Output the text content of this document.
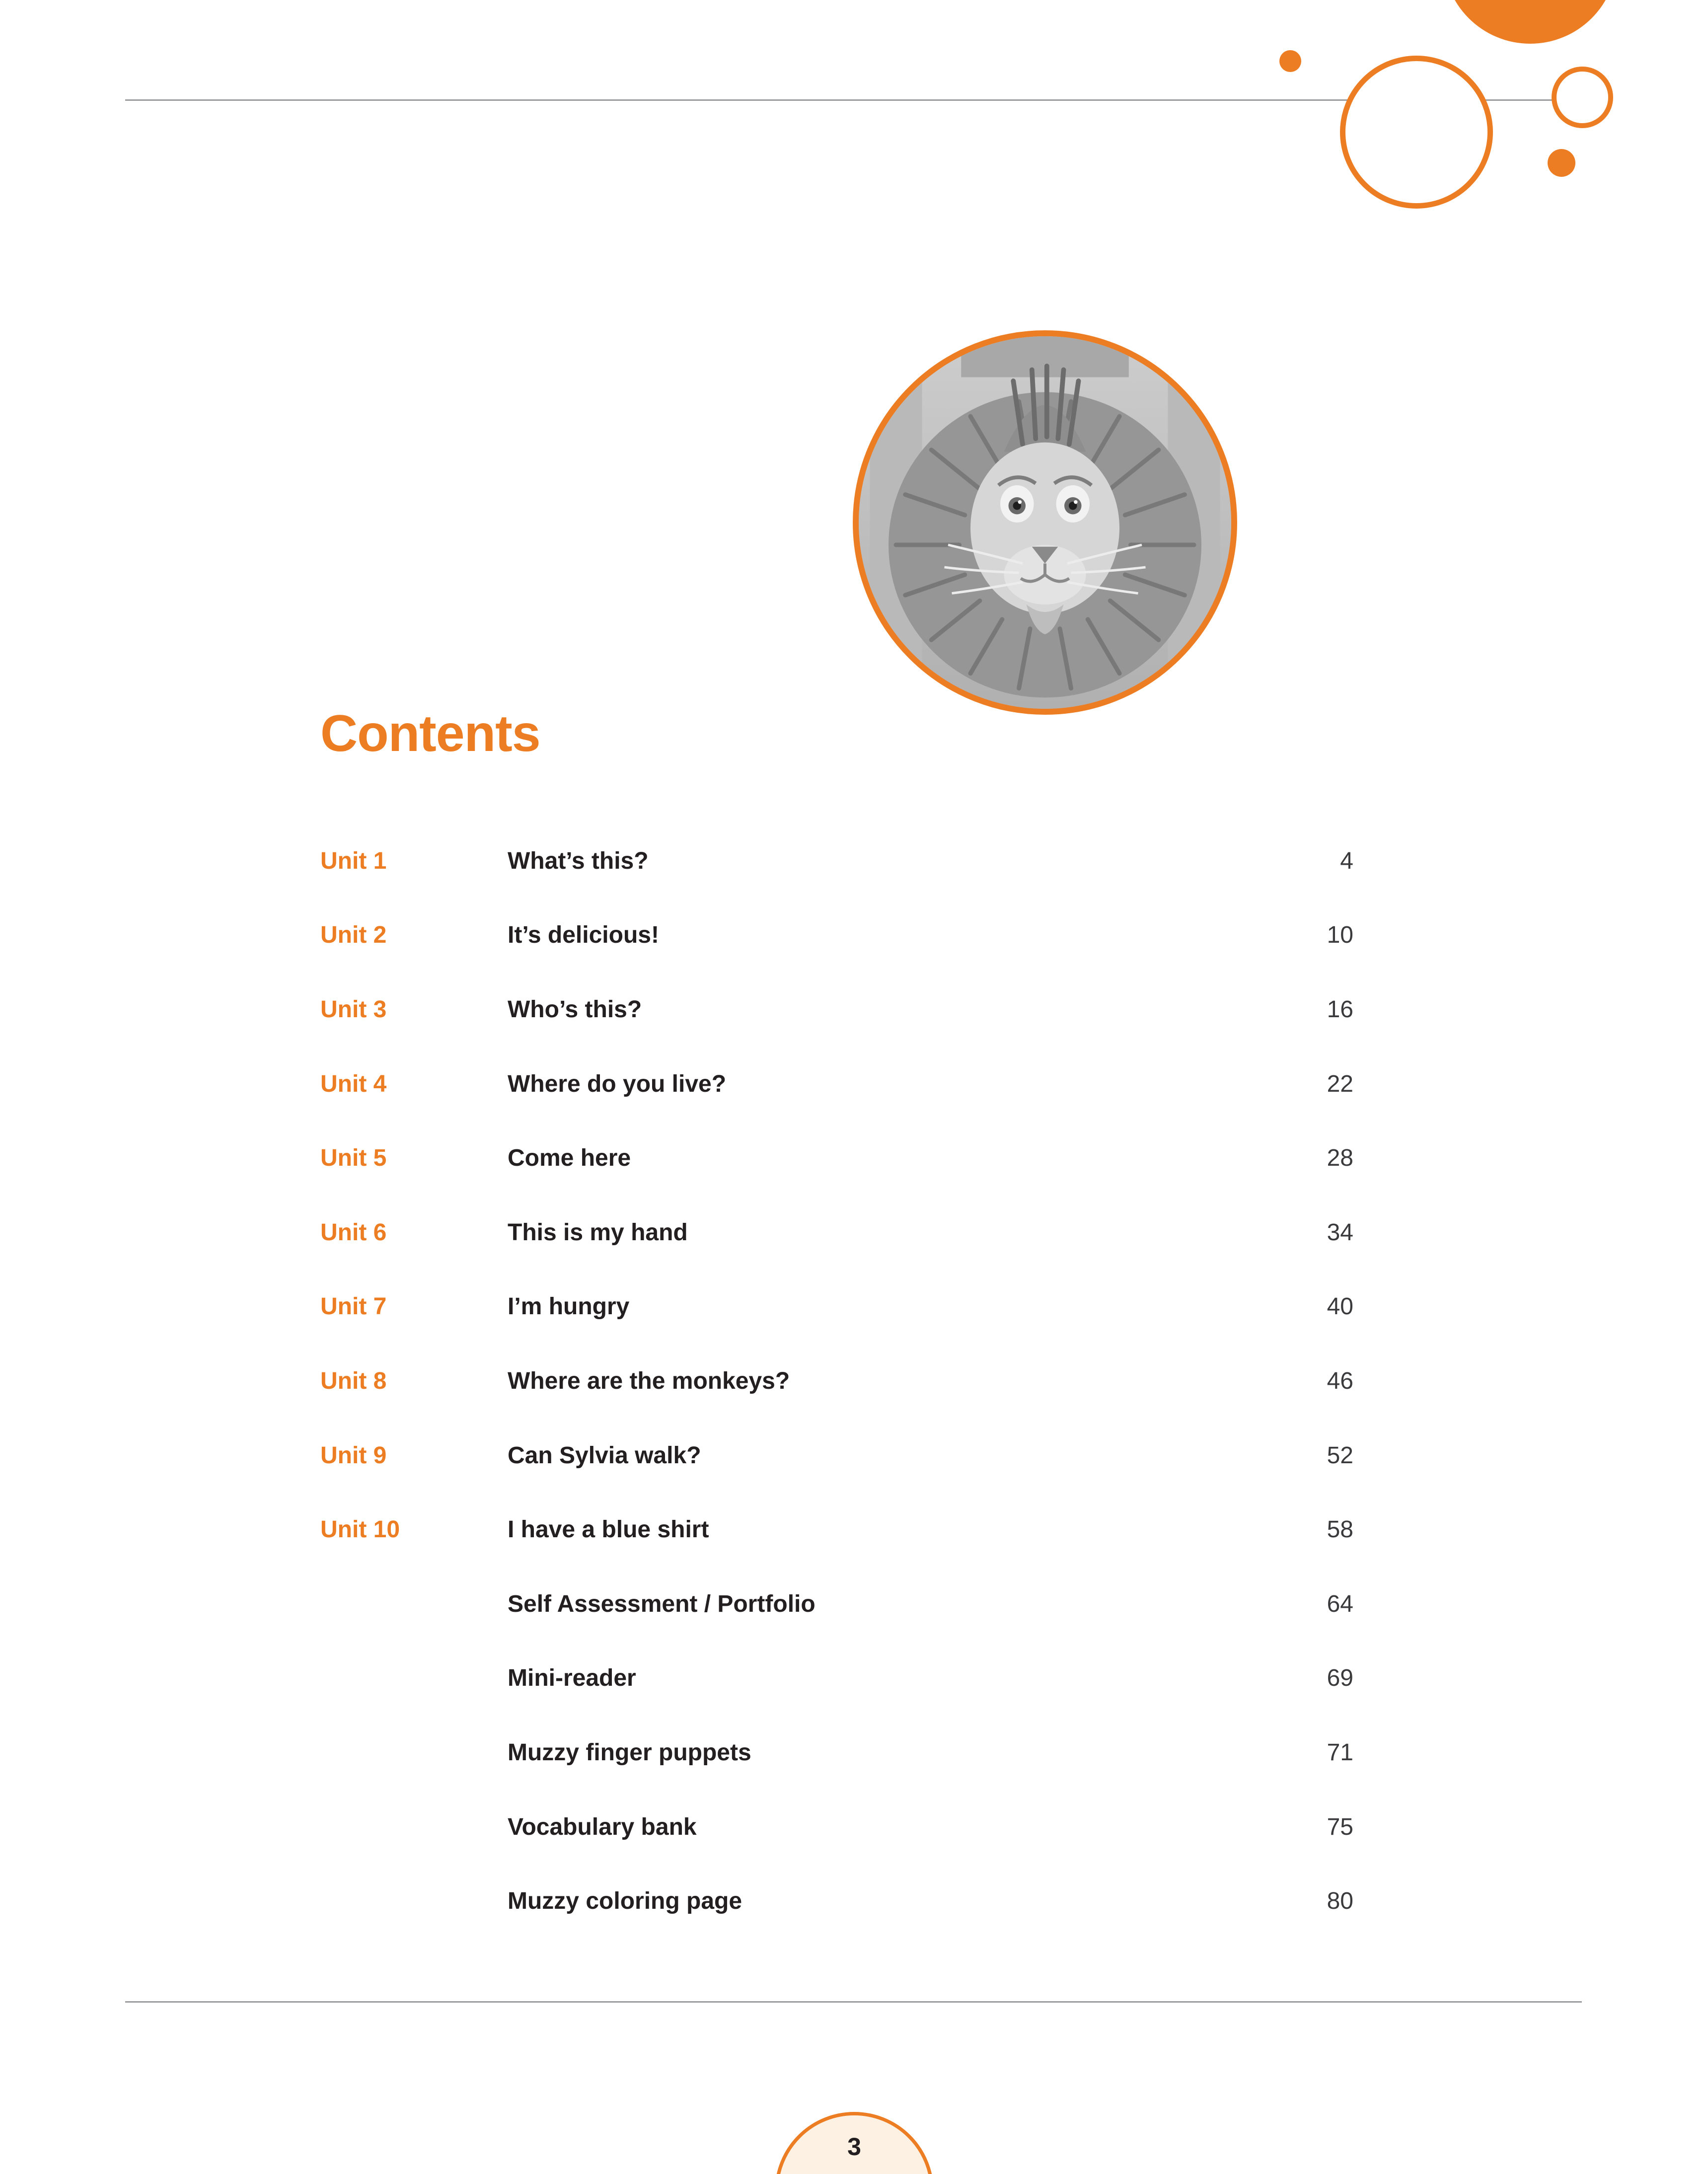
Contents
Unit 1	What’s this?	4
Unit 2	It’s delicious!	10
Unit 3	Who’s this?	16
Unit 4	Where do you live?	22
Unit 5	Come here	28
Unit 6	This is my hand	34
Unit 7	I’m hungry	40
Unit 8	Where are the monkeys?	46
Unit 9	Can Sylvia walk?	52
Unit 10	I have a blue shirt	58
Self Assessment / Portfolio	64
Mini-reader	69
Muzzy finger puppets	71
Vocabulary bank	75
Muzzy coloring page	80
3
